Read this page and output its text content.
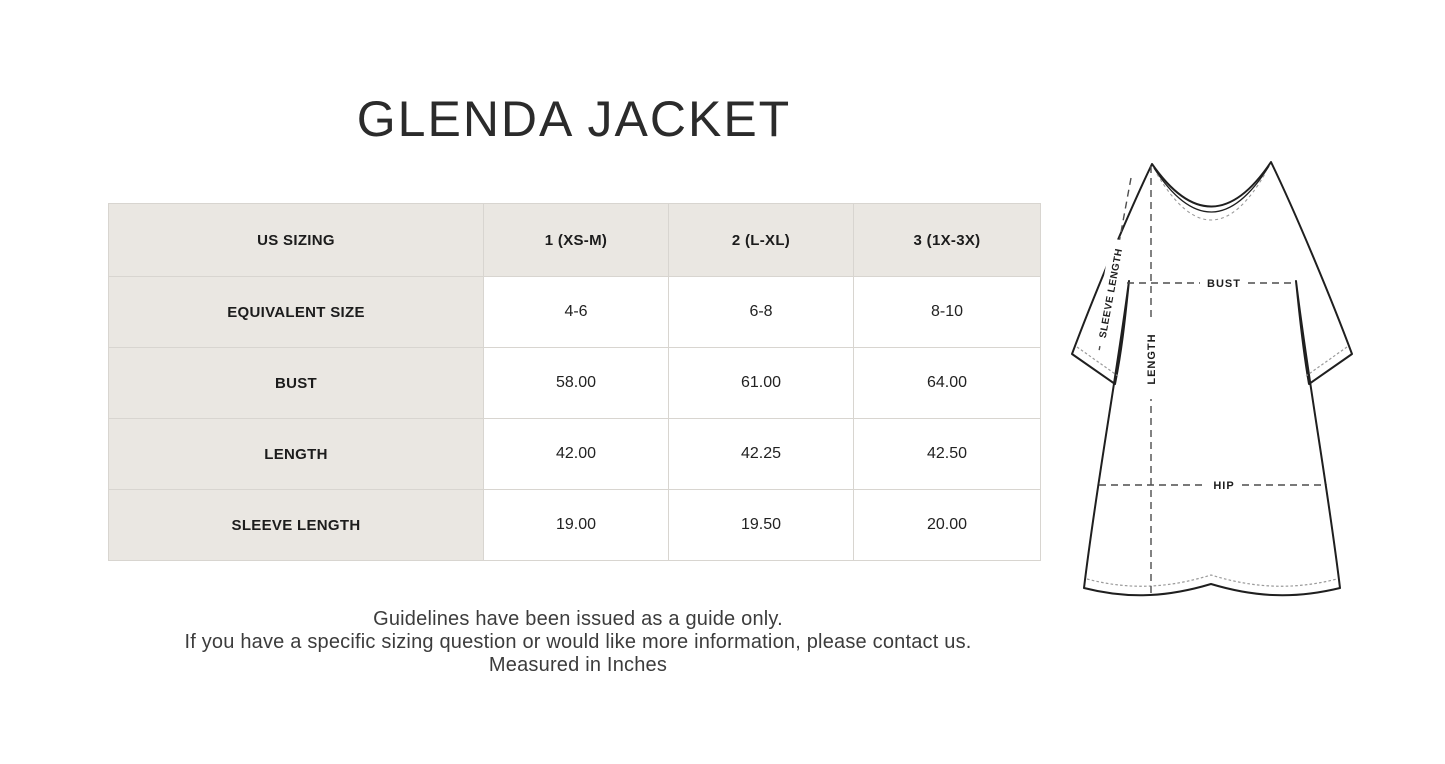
GLENDA JACKET
US SIZING	1 (XS-M)	2 (L-XL)	3 (1X-3X)
EQUIVALENT SIZE	4-6	6-8	8-10
BUST	58.00	61.00	64.00
LENGTH	42.00	42.25	42.50
SLEEVE LENGTH	19.00	19.50	20.00

Guidelines have been issued as a guide only.

If you have a specific sizing question or would like more information, please contact us.

Measured in Inches

BUST
HIP
LENGTH
SLEEVE LENGTH
